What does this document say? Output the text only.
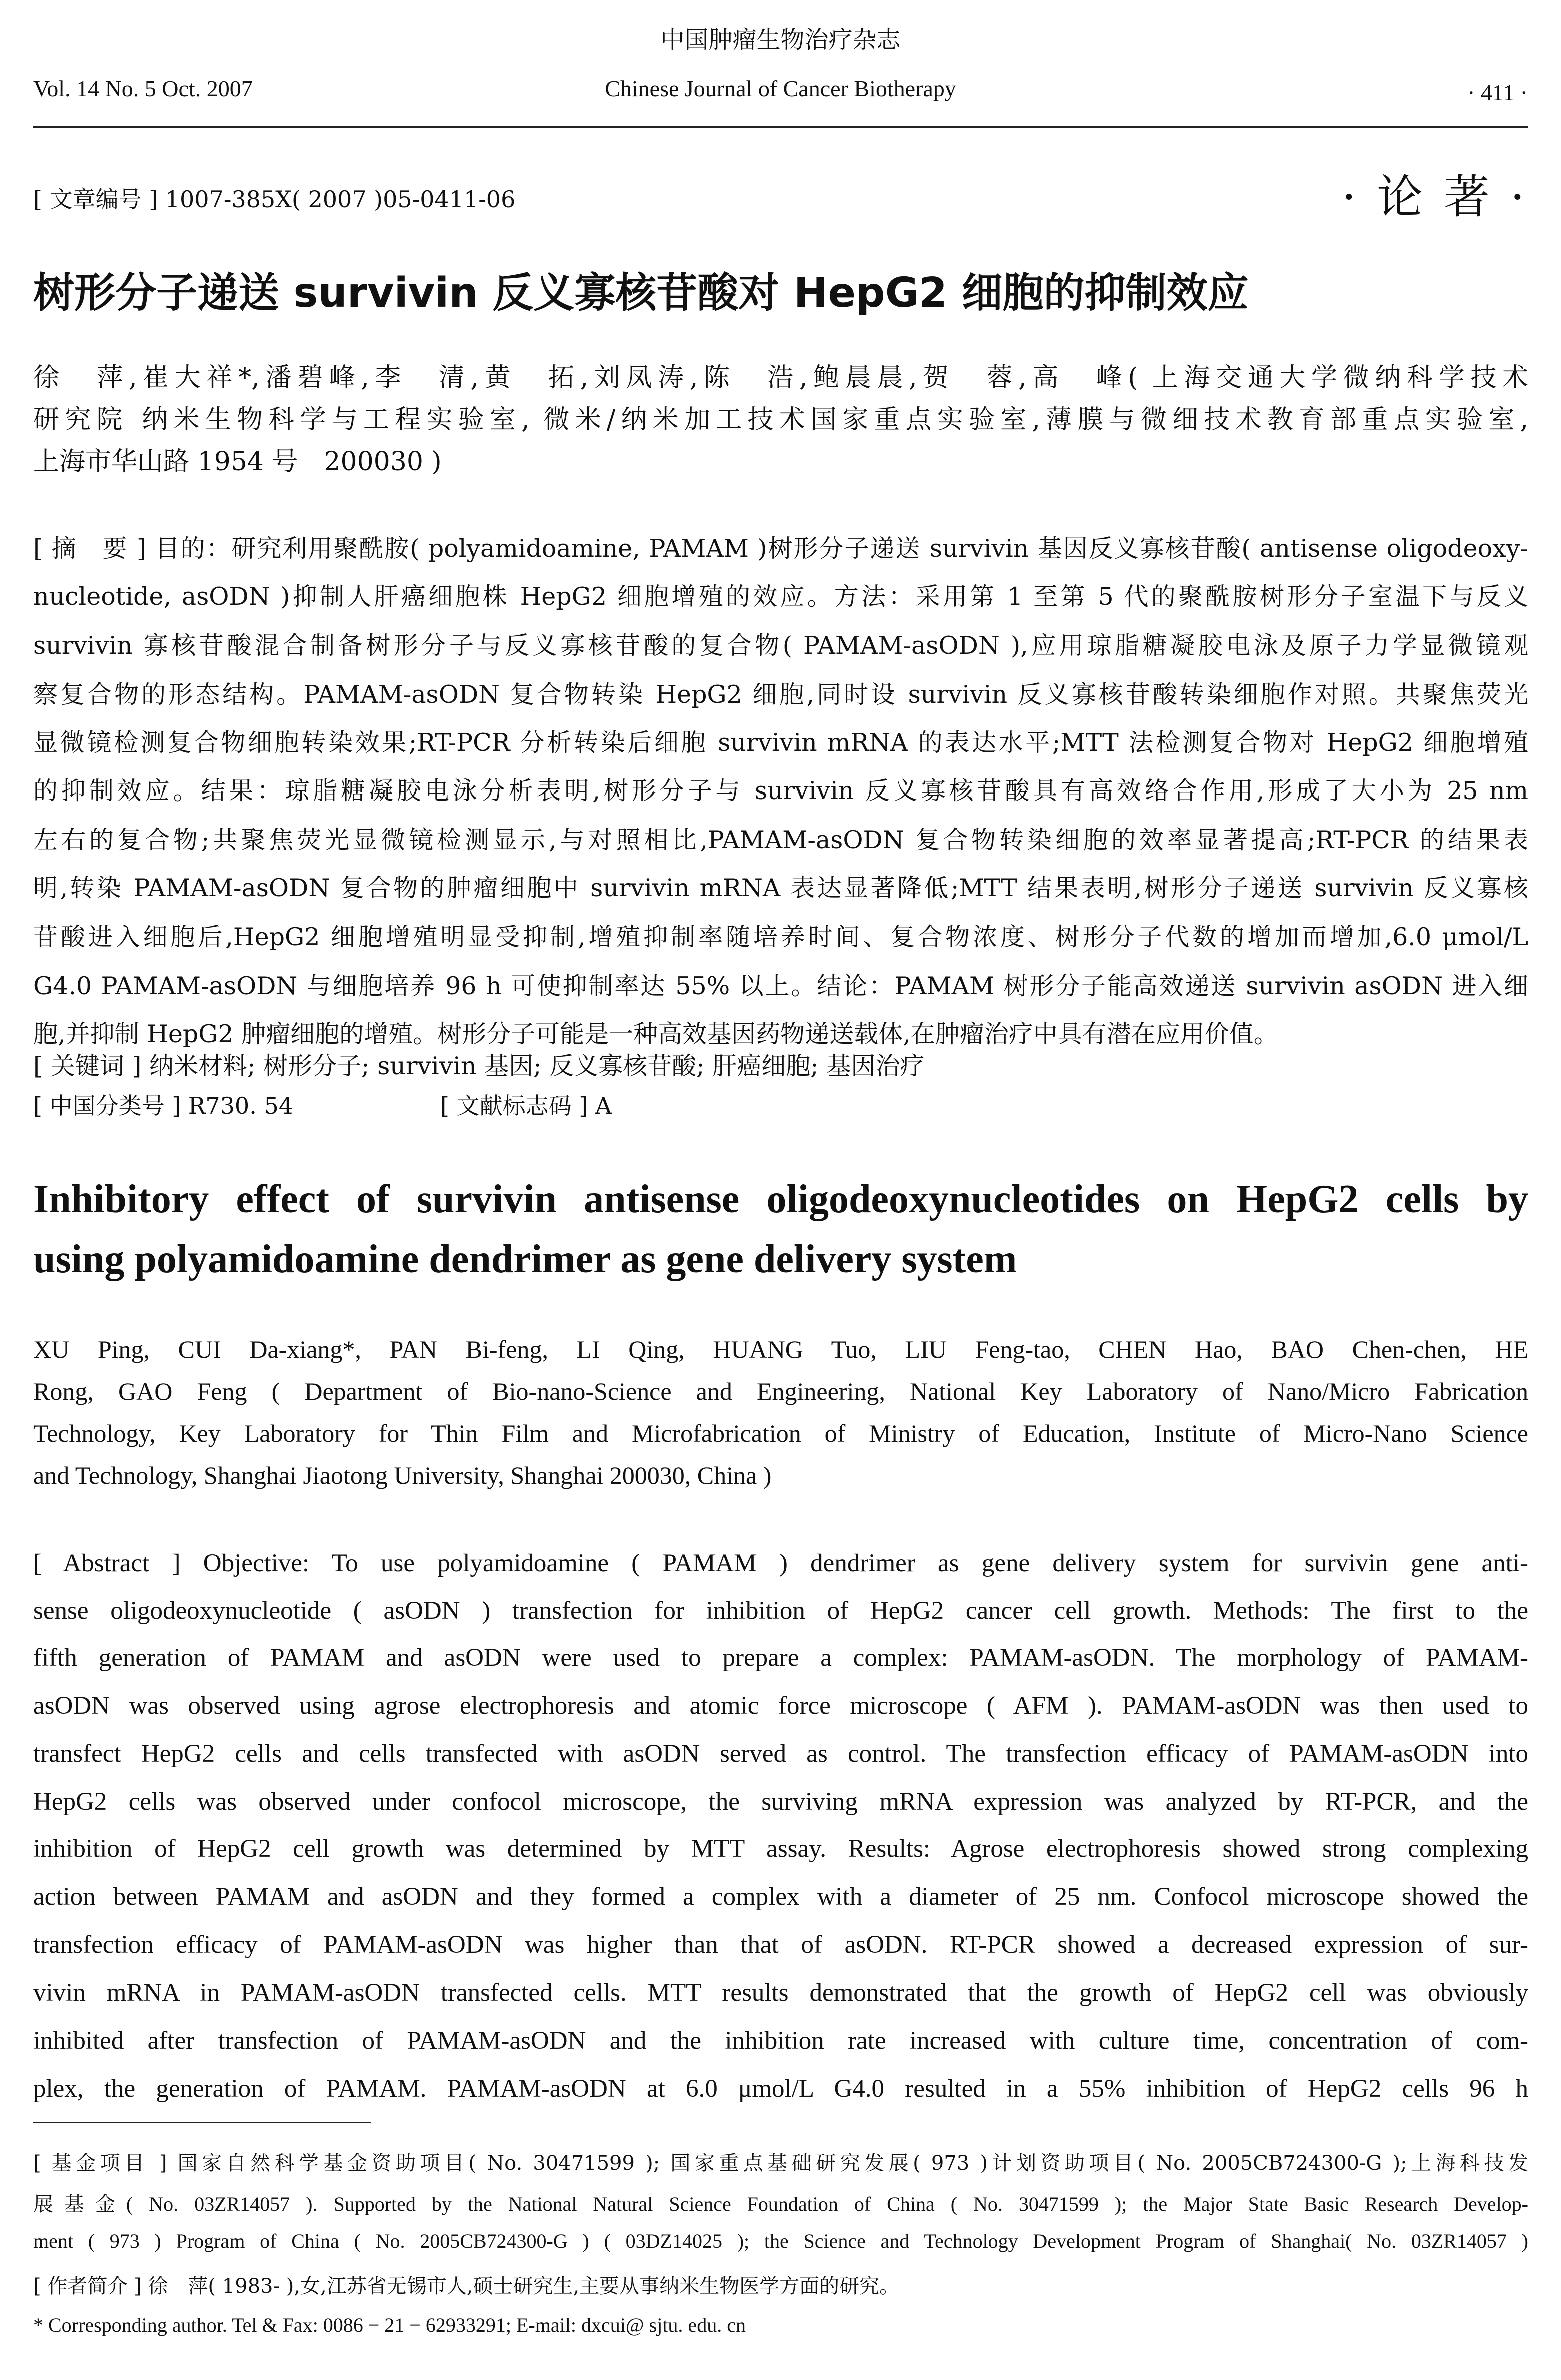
中国肿瘤生物治疗杂志
Vol. 14 No. 5 Oct. 2007	Chinese Journal of Cancer Biotherapy	· 411 ·
[ 文章编号 ] 1007-385X( 2007 )05-0411-06	· 论 著 ·
树形分子递送 survivin 反义寡核苷酸对 HepG2 细胞的抑制效应
徐　萍,崔大祥*,潘碧峰,李　清,黄　拓,刘凤涛,陈　浩,鲍晨晨,贺　蓉,高　峰( 上海交通大学微纳科学技术
研究院 纳米生物科学与工程实验室, 微米/纳米加工技术国家重点实验室,薄膜与微细技术教育部重点实验室,
上海市华山路 1954 号　200030 )
[ 摘　要 ] 目的：研究利用聚酰胺( polyamidoamine, PAMAM )树形分子递送 survivin 基因反义寡核苷酸( antisense oligodeoxy-
nucleotide, asODN )抑制人肝癌细胞株 HepG2 细胞增殖的效应。方法：采用第 1 至第 5 代的聚酰胺树形分子室温下与反义
survivin 寡核苷酸混合制备树形分子与反义寡核苷酸的复合物( PAMAM-asODN ),应用琼脂糖凝胶电泳及原子力学显微镜观
察复合物的形态结构。PAMAM-asODN 复合物转染 HepG2 细胞,同时设 survivin 反义寡核苷酸转染细胞作对照。共聚焦荧光
显微镜检测复合物细胞转染效果;RT-PCR 分析转染后细胞 survivin mRNA 的表达水平;MTT 法检测复合物对 HepG2 细胞增殖
的抑制效应。结果：琼脂糖凝胶电泳分析表明,树形分子与 survivin 反义寡核苷酸具有高效络合作用,形成了大小为 25 nm
左右的复合物;共聚焦荧光显微镜检测显示,与对照相比,PAMAM-asODN 复合物转染细胞的效率显著提高;RT-PCR 的结果表
明,转染 PAMAM-asODN 复合物的肿瘤细胞中 survivin mRNA 表达显著降低;MTT 结果表明,树形分子递送 survivin 反义寡核
苷酸进入细胞后,HepG2 细胞增殖明显受抑制,增殖抑制率随培养时间、复合物浓度、树形分子代数的增加而增加,6.0 μmol/L
G4.0 PAMAM-asODN 与细胞培养 96 h 可使抑制率达 55% 以上。结论：PAMAM 树形分子能高效递送 survivin asODN 进入细
胞,并抑制 HepG2 肿瘤细胞的增殖。树形分子可能是一种高效基因药物递送载体,在肿瘤治疗中具有潜在应用价值。
[ 关键词 ] 纳米材料; 树形分子; survivin 基因; 反义寡核苷酸; 肝癌细胞; 基因治疗
[ 中国分类号 ] R730. 54	[ 文献标志码 ] A
Inhibitory effect of survivin antisense oligodeoxynucleotides on HepG2 cells by
using polyamidoamine dendrimer as gene delivery system
XU Ping, CUI Da-xiang*, PAN Bi-feng, LI Qing, HUANG Tuo, LIU Feng-tao, CHEN Hao, BAO Chen-chen, HE
Rong, GAO Feng ( Department of Bio-nano-Science and Engineering, National Key Laboratory of Nano/Micro Fabrication
Technology, Key Laboratory for Thin Film and Microfabrication of Ministry of Education, Institute of Micro-Nano Science
and Technology, Shanghai Jiaotong University, Shanghai 200030, China )
[ Abstract ] Objective: To use polyamidoamine ( PAMAM ) dendrimer as gene delivery system for survivin gene anti-
sense oligodeoxynucleotide ( asODN ) transfection for inhibition of HepG2 cancer cell growth. Methods: The first to the
fifth generation of PAMAM and asODN were used to prepare a complex: PAMAM-asODN. The morphology of PAMAM-
asODN was observed using agrose electrophoresis and atomic force microscope ( AFM ). PAMAM-asODN was then used to
transfect HepG2 cells and cells transfected with asODN served as control. The transfection efficacy of PAMAM-asODN into
HepG2 cells was observed under confocol microscope, the surviving mRNA expression was analyzed by RT-PCR, and the
inhibition of HepG2 cell growth was determined by MTT assay. Results: Agrose electrophoresis showed strong complexing
action between PAMAM and asODN and they formed a complex with a diameter of 25 nm. Confocol microscope showed the
transfection efficacy of PAMAM-asODN was higher than that of asODN. RT-PCR showed a decreased expression of sur-
vivin mRNA in PAMAM-asODN transfected cells. MTT results demonstrated that the growth of HepG2 cell was obviously
inhibited after transfection of PAMAM-asODN and the inhibition rate increased with culture time, concentration of com-
plex, the generation of PAMAM. PAMAM-asODN at 6.0 μmol/L G4.0 resulted in a 55% inhibition of HepG2 cells 96 h
[ 基金项目 ] 国家自然科学基金资助项目( No. 30471599 ); 国家重点基础研究发展( 973 )计划资助项目( No. 2005CB724300-G );上海科技发
展基金( No. 03ZR14057 ). Supported by the National Natural Science Foundation of China ( No. 30471599 ); the Major State Basic Research Develop-
ment ( 973 ) Program of China ( No. 2005CB724300-G ) ( 03DZ14025 ); the Science and Technology Development Program of Shanghai( No. 03ZR14057 )
[ 作者简介 ] 徐　萍( 1983- ),女,江苏省无锡市人,硕士研究生,主要从事纳米生物医学方面的研究。
* Corresponding author. Tel & Fax: 0086 − 21 − 62933291; E-mail: dxcui@ sjtu. edu. cn
